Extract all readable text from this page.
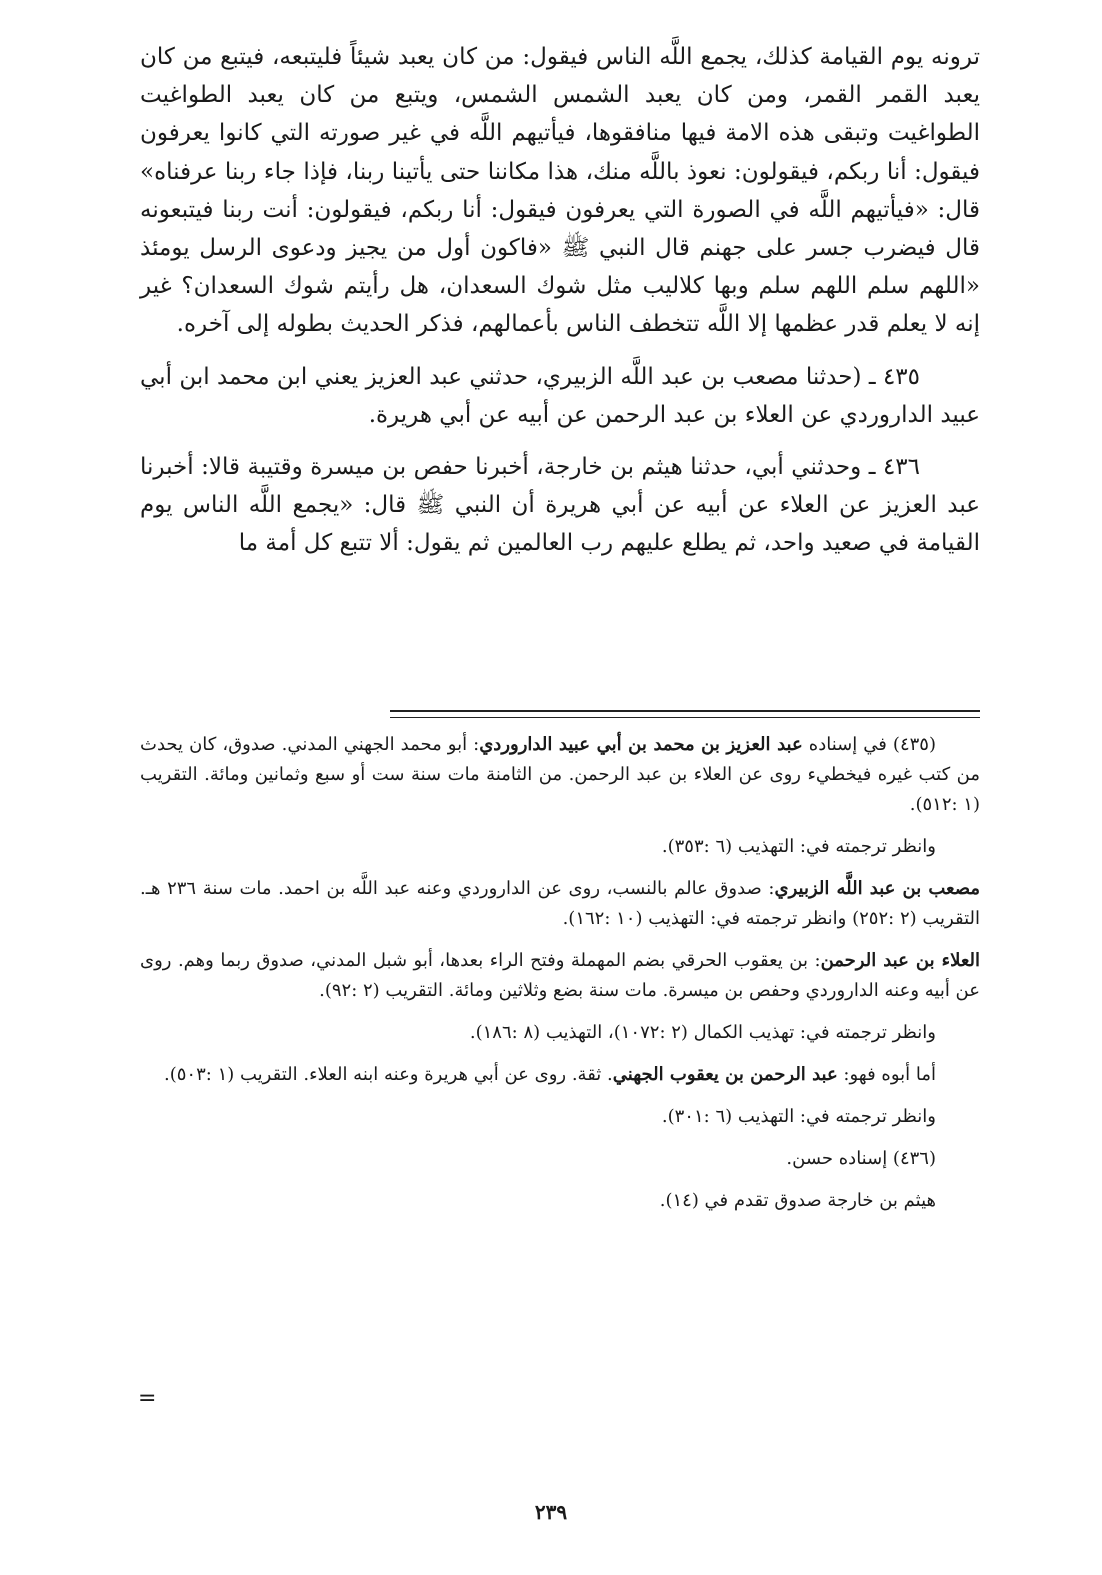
ترونه يوم القيامة كذلك، يجمع اللَّه الناس فيقول: من كان يعبد شيئاً فليتبعه، فيتبع من كان يعبد القمر القمر، ومن كان يعبد الشمس الشمس، ويتبع من كان يعبد الطواغيت الطواغيت وتبقى هذه الامة فيها منافقوها، فيأتيهم اللَّه في غير صورته التي كانوا يعرفون فيقول: أنا ربكم، فيقولون: نعوذ باللَّه منك، هذا مكاننا حتى يأتينا ربنا، فإذا جاء ربنا عرفناه» قال: «فيأتيهم اللَّه في الصورة التي يعرفون فيقول: أنا ربكم، فيقولون: أنت ربنا فيتبعونه قال فيضرب جسر على جهنم قال النبي ﷺ «فاكون أول من يجيز ودعوى الرسل يومئذ «اللهم سلم اللهم سلم وبها كلاليب مثل شوك السعدان، هل رأيتم شوك السعدان؟ غير إنه لا يعلم قدر عظمها إلا اللَّه تتخطف الناس بأعمالهم، فذكر الحديث بطوله إلى آخره.

٤٣٥ ـ (حدثنا مصعب بن عبد اللَّه الزبيري، حدثني عبد العزيز يعني ابن محمد ابن أبي عبيد الداروردي عن العلاء بن عبد الرحمن عن أبيه عن أبي هريرة.

٤٣٦ ـ وحدثني أبي، حدثنا هيثم بن خارجة، أخبرنا حفص بن ميسرة وقتيبة قالا: أخبرنا عبد العزيز عن العلاء عن أبيه عن أبي هريرة أن النبي ﷺ قال: «يجمع اللَّه الناس يوم القيامة في صعيد واحد، ثم يطلع عليهم رب العالمين ثم يقول: ألا تتبع كل أمة ما

(٤٣٥) في إسناده عبد العزيز بن محمد بن أبي عبيد الداروردي: أبو محمد الجهني المدني. صدوق، كان يحدث من كتب غيره فيخطيء روى عن العلاء بن عبد الرحمن. من الثامنة مات سنة ست أو سبع وثمانين ومائة. التقريب (١ :٥١٢).

وانظر ترجمته في: التهذيب (٦ :٣٥٣).

مصعب بن عبد اللَّه الزبيري: صدوق عالم بالنسب، روى عن الداروردي وعنه عبد اللَّه بن احمد. مات سنة ٢٣٦ هـ. التقريب (٢ :٢٥٢) وانظر ترجمته في: التهذيب (١٠ :١٦٢).

العلاء بن عبد الرحمن: بن يعقوب الحرقي بضم المهملة وفتح الراء بعدها، أبو شبل المدني، صدوق ربما وهم. روى عن أبيه وعنه الداروردي وحفص بن ميسرة. مات سنة بضع وثلاثين ومائة. التقريب (٢ :٩٢).

وانظر ترجمته في: تهذيب الكمال (٢ :١٠٧٢)، التهذيب (٨ :١٨٦).

أما أبوه فهو: عبد الرحمن بن يعقوب الجهني. ثقة. روى عن أبي هريرة وعنه ابنه العلاء. التقريب (١ :٥٠٣).

وانظر ترجمته في: التهذيب (٦ :٣٠١).

(٤٣٦) إسناده حسن.

هيثم بن خارجة صدوق تقدم في (١٤).

=
٢٣٩
